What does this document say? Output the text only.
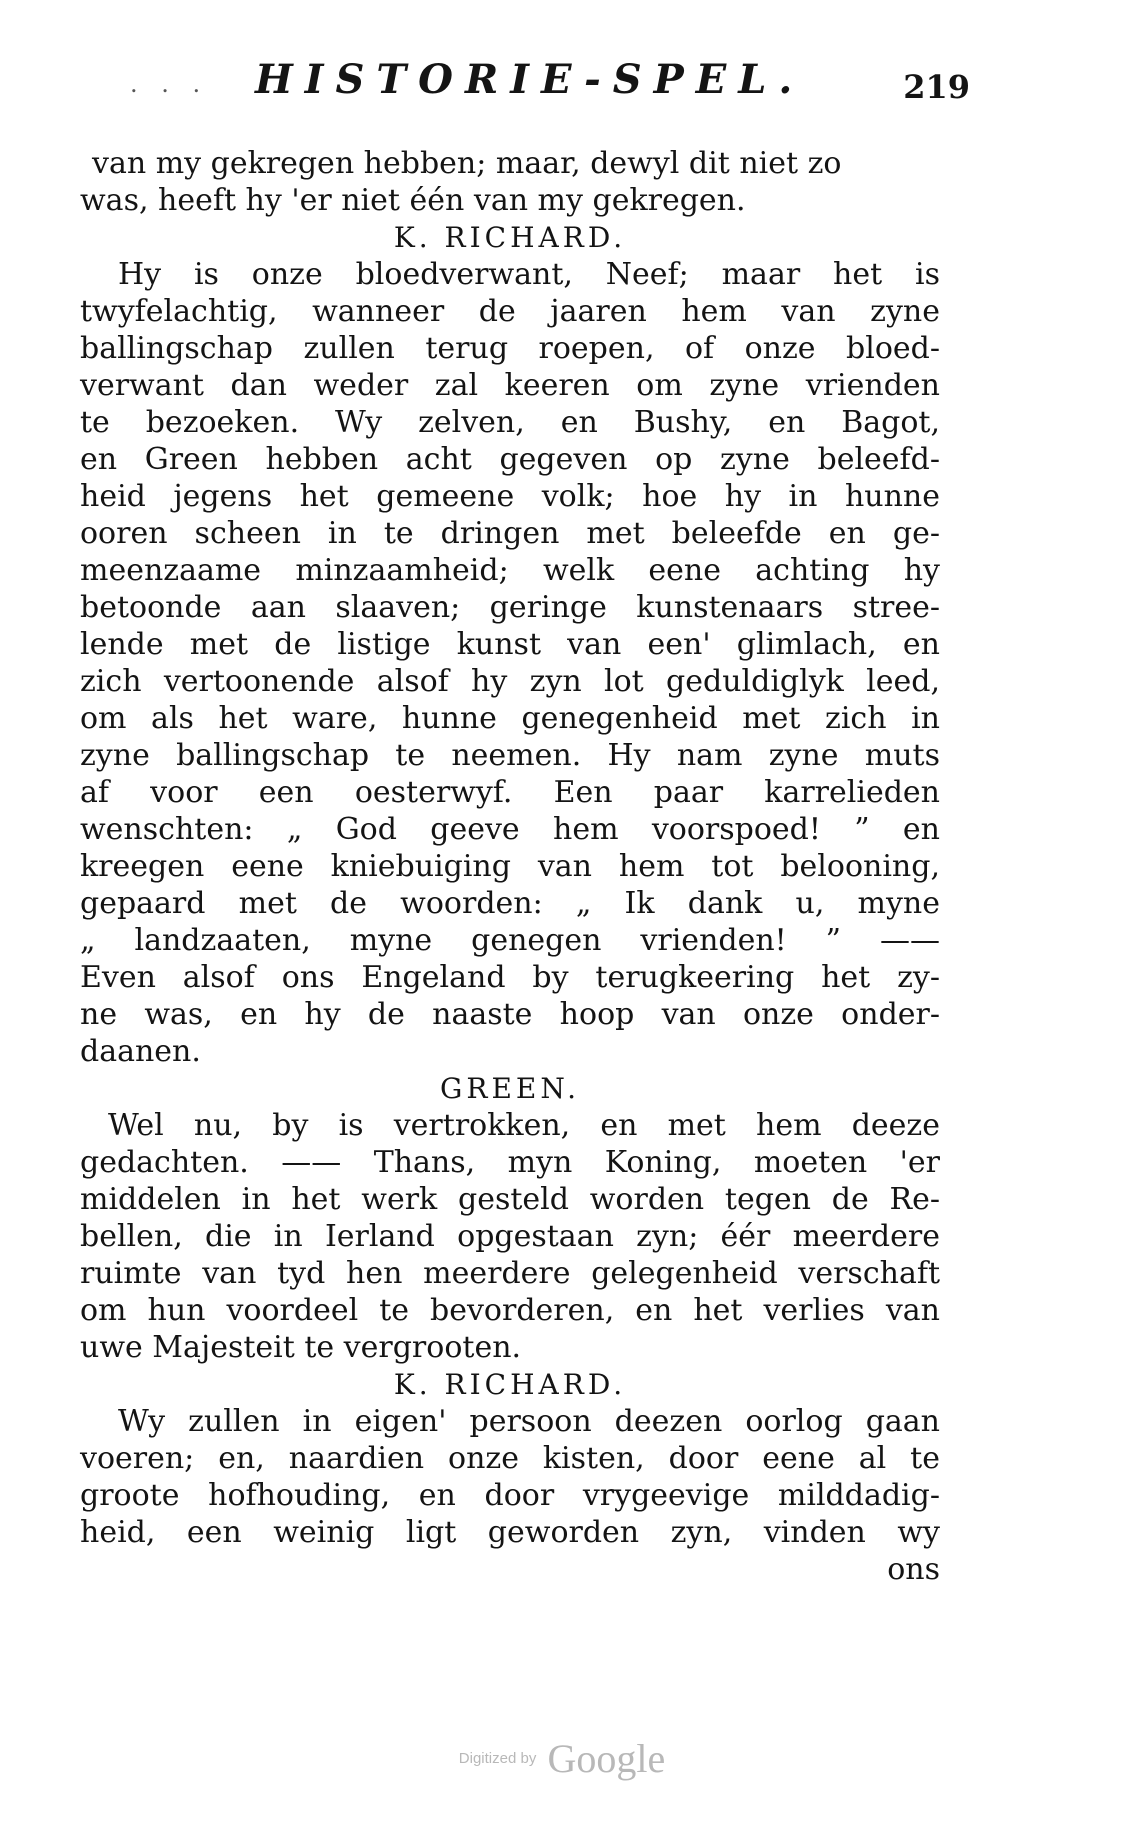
. . . HISTORIE-SPEL.	219
van my gekregen hebben; maar, dewyl dit niet zo
was, heeft hy 'er niet één van my gekregen.
K. RICHARD.
Hy is onze bloedverwant, Neef; maar het is
twyfelachtig, wanneer de jaaren hem van zyne
ballingschap zullen terug roepen, of onze bloed-
verwant dan weder zal keeren om zyne vrienden
te bezoeken. Wy zelven, en Bushy, en Bagot,
en Green hebben acht gegeven op zyne beleefd-
heid jegens het gemeene volk; hoe hy in hunne
ooren scheen in te dringen met beleefde en ge-
meenzaame minzaamheid; welk eene achting hy
betoonde aan slaaven; geringe kunstenaars stree-
lende met de listige kunst van een' glimlach, en
zich vertoonende alsof hy zyn lot geduldiglyk leed,
om als het ware, hunne genegenheid met zich in
zyne ballingschap te neemen. Hy nam zyne muts
af voor een oesterwyf. Een paar karrelieden
wenschten: „ God geeve hem voorspoed! ” en
kreegen eene kniebuiging van hem tot belooning,
gepaard met de woorden: „ Ik dank u, myne
„ landzaaten, myne genegen vrienden! ” ——
Even alsof ons Engeland by terugkeering het zy-
ne was, en hy de naaste hoop van onze onder-
daanen.
GREEN.
Wel nu, by is vertrokken, en met hem deeze
gedachten. —— Thans, myn Koning, moeten 'er
middelen in het werk gesteld worden tegen de Re-
bellen, die in Ierland opgestaan zyn; éér meerdere
ruimte van tyd hen meerdere gelegenheid verschaft
om hun voordeel te bevorderen, en het verlies van
uwe Majesteit te vergrooten.
K. RICHARD.
Wy zullen in eigen' persoon deezen oorlog gaan
voeren; en, naardien onze kisten, door eene al te
groote hofhouding, en door vrygeevige milddadig-
heid, een weinig ligt geworden zyn, vinden wy
ons
Digitized by Google
